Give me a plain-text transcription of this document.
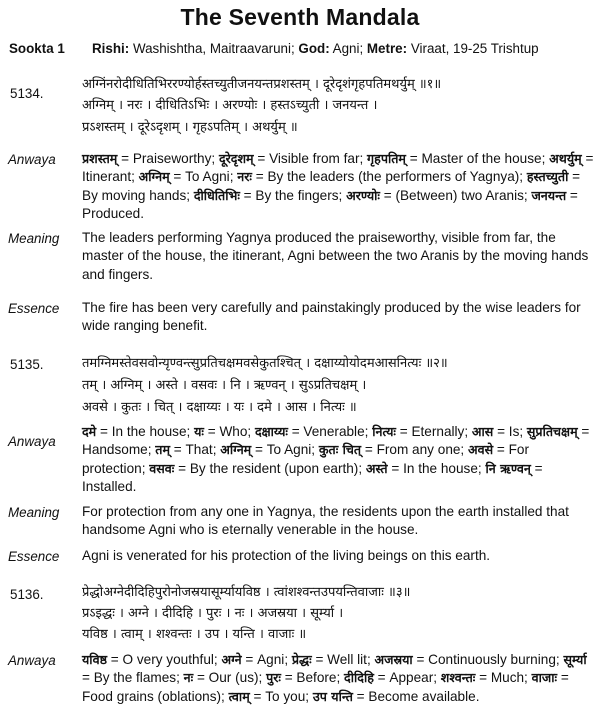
The Seventh Mandala
Sookta 1 Rishi: Washishtha, Maitraavaruni; God: Agni; Metre: Viraat, 19-25 Trishtup
5134.
अग्निंनरोदीधितिभिररण्योर्हस्तच्युतीजनयन्तप्रशस्तम् । दूरेदृशंगृहपतिमथर्युम् ॥१॥
अग्निम् । नरः । दीधितिऽभिः । अरण्योः । हस्तऽच्युती । जनयन्त ।
प्रऽशस्तम् । दूरेऽदृशम् । गृहऽपतिम् । अथर्युम् ॥
Anwaya प्रशस्तम् = Praiseworthy; दूरेदृशम् = Visible from far; गृहपतिम् = Master of the house; अथर्युम् = Itinerant; अग्निम् = To Agni; नरः = By the leaders (the performers of Yagnya); हस्तच्युती = By moving hands; दीधितिभिः = By the fingers; अरण्योः = (Between) two Aranis; जनयन्त = Produced.
Meaning The leaders performing Yagnya produced the praiseworthy, visible from far, the master of the house, the itinerant, Agni between the two Aranis by the moving hands and fingers.
Essence The fire has been very carefully and painstakingly produced by the wise leaders for wide ranging benefit.
5135.	तमग्निमस्तेवसवोन्यृण्वन्त्सुप्रतिचक्षमवसेकुतश्चित् । दक्षाय्योयोदमआसनित्यः ॥२॥
तम् । अग्निम् । अस्ते । वसवः । नि । ऋण्वन् । सुऽप्रतिचक्षम् ।
अवसे । कुतः । चित् । दक्षाय्यः । यः । दमे । आस । नित्यः ॥
Anwaya
दमे = In the house; यः = Who; दक्षाय्यः = Venerable; नित्यः = Eternally; आस = Is; सुप्रतिचक्षम् = Handsome; तम् = That; अग्निम् = To Agni; कुतः चित् = From any one; अवसे = For protection; वसवः = By the resident (upon earth); अस्ते = In the house; नि ऋण्वन् = Installed.
Meaning For protection from any one in Yagnya, the residents upon the earth installed that handsome Agni who is eternally venerable in the house.
Essence Agni is venerated for his protection of the living beings on this earth.
5136.	प्रेद्धोअग्नेदीदिहिपुरोनोजस्रयासूर्म्यायविष्ठ । त्वांशश्वन्तउपयन्तिवाजाः ॥३॥
प्रऽइद्धः । अग्ने । दीदिहि । पुरः । नः । अजस्रया । सूर्म्या ।
यविष्ठ । त्वाम् । शश्वन्तः । उप । यन्ति । वाजाः ॥
Anwaya यविष्ठ = O very youthful; अग्ने = Agni; प्रेद्धः = Well lit; अजस्रया = Continuously burning; सूर्म्या = By the flames; नः = Our (us); पुरः = Before; दीदिहि = Appear; शश्वन्तः = Much; वाजाः = Food grains (oblations); त्वाम् = To you; उप यन्ति = Become available.
